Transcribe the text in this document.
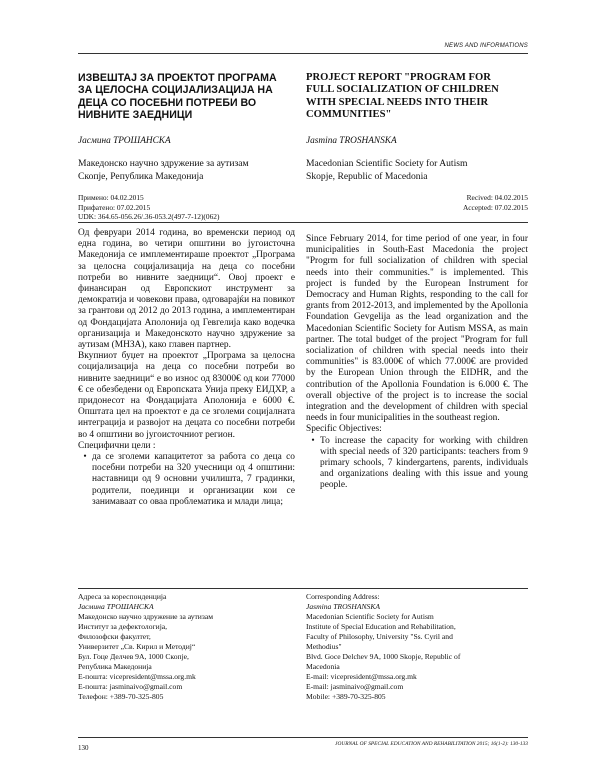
NEWS AND INFORMATIONS
ИЗВЕШТАЈ ЗА ПРОЕКТОТ ПРОГРАМА
ЗА ЦЕЛОСНА СОЦИЈАЛИЗАЦИЈА НА
ДЕЦА СО ПОСЕБНИ ПОТРЕБИ ВО
НИВНИТЕ ЗАЕДНИЦИ
Јасмина ТРОШАНСКА
Македонско научно здружение за аутизам
Скопје, Република Македонија
Примено: 04.02.2015
Прифатено: 07.02.2015
UDK: 364.65-056.26/.36-053.2(497-7-12)(062)
PROJECT REPORT "PROGRAM FOR
FULL SOCIALIZATION OF CHILDREN
WITH SPECIAL NEEDS INTO THEIR
COMMUNITIES"
Jasmina TROSHANSKA
Macedonian Scientific Society for Autism
Skopje, Republic of Macedonia
Recived: 04.02.2015
Accepted: 07.02.2015

Од февруари 2014 година, во временски период од една година, во четири општини во југоисточна Македонија се имплементираше проектот „Програма за целосна социјализација на деца со посебни потреби во нивните заедници“. Овој проект е финансиран од Европскиот инструмент за демократија и човекови права, одговарајќи на повикот за грантови од 2012 до 2013 година, а имплементиран од Фондацијата Аполонија од Гевгелија како водечка организација и Македонското научно здружение за аутизам (МНЗА), како главен партнер.

Вкупниот буџет на проектот „Програма за целосна социјализација на деца со посебни потреби во нивните заедници“ е во износ од 83000€ од кои 77000 € се обезбедени од Европската Унија преку ЕИДХР, а придонесот на Фондацијата Аполонија е 6000 €. Општата цел на проектот е да се зголеми социјалната интеграција и развојот на децата со посебни потреби во 4 општини во југоисточниот регион.

Специфични цели :

• да се зголеми капацитетот за работа со деца со посебни потреби на 320 учесници од 4 општини: наставници од 9 основни училишта, 7 градинки, родители, поединци и организации кои се занимаваат со оваа проблематика и млади лица;

Since February 2014, for time period of one year, in four municipalities in South-East Macedonia the project "Progrm for full socialization of children with special needs into their communities." is implemented. This project is funded by the European Instrument for Democracy and Human Rights, responding to the call for grants from 2012-2013, and implemented by the Apollonia Foundation Gevgelija as the lead organization and the Macedonian Scientific Society for Autism MSSA, as main partner. The total budget of the project "Program for full socialization of children with special needs into their communities" is 83.000€ of which 77.000€ are provided by the European Union through the EIDHR, and the contribution of the Apollonia Foundation is 6.000 €. The overall objective of the project is to increase the social integration and the development of children with special needs in four municipalities in the southeast region.

Specific Objectives:

• To increase the capacity for working with children with special needs of 320 participants: teachers from 9 primary schools, 7 kindergartens, parents, individuals and organizations dealing with this issue and young people.
Адреса за кореспонденција
Јасмина ТРОШАНСКА
Македонско научно здружение за аутизам
Институт за дефектологија,
Филозофски факултет,
Универзитет „Св. Кирил и Методиј“
Бул. Гоце Делчев 9А, 1000 Скопје,
Република Македонија
Е-пошта: vicepresident@mssa.org.mk
Е-пошта: jasminaivo@gmail.com
Телефон: +389-70-325-805
Corresponding Address:
Jasmina TROSHANSKA
Macedonian Scientific Society for Autism
Institute of Special Education and Rehabilitation,
Faculty of Philosophy, University "Ss. Cyril and
Methodius"
Blvd. Goce Delchev 9A, 1000 Skopje, Republic of
Macedonia
E-mail: vicepresident@mssa.org.mk
E-mail: jasminaivo@gmail.com
Mobile: +389-70-325-805
130	JOURNAL OF SPECIAL EDUCATION AND REHABILITATION 2015; 16(1-2): 130-133
